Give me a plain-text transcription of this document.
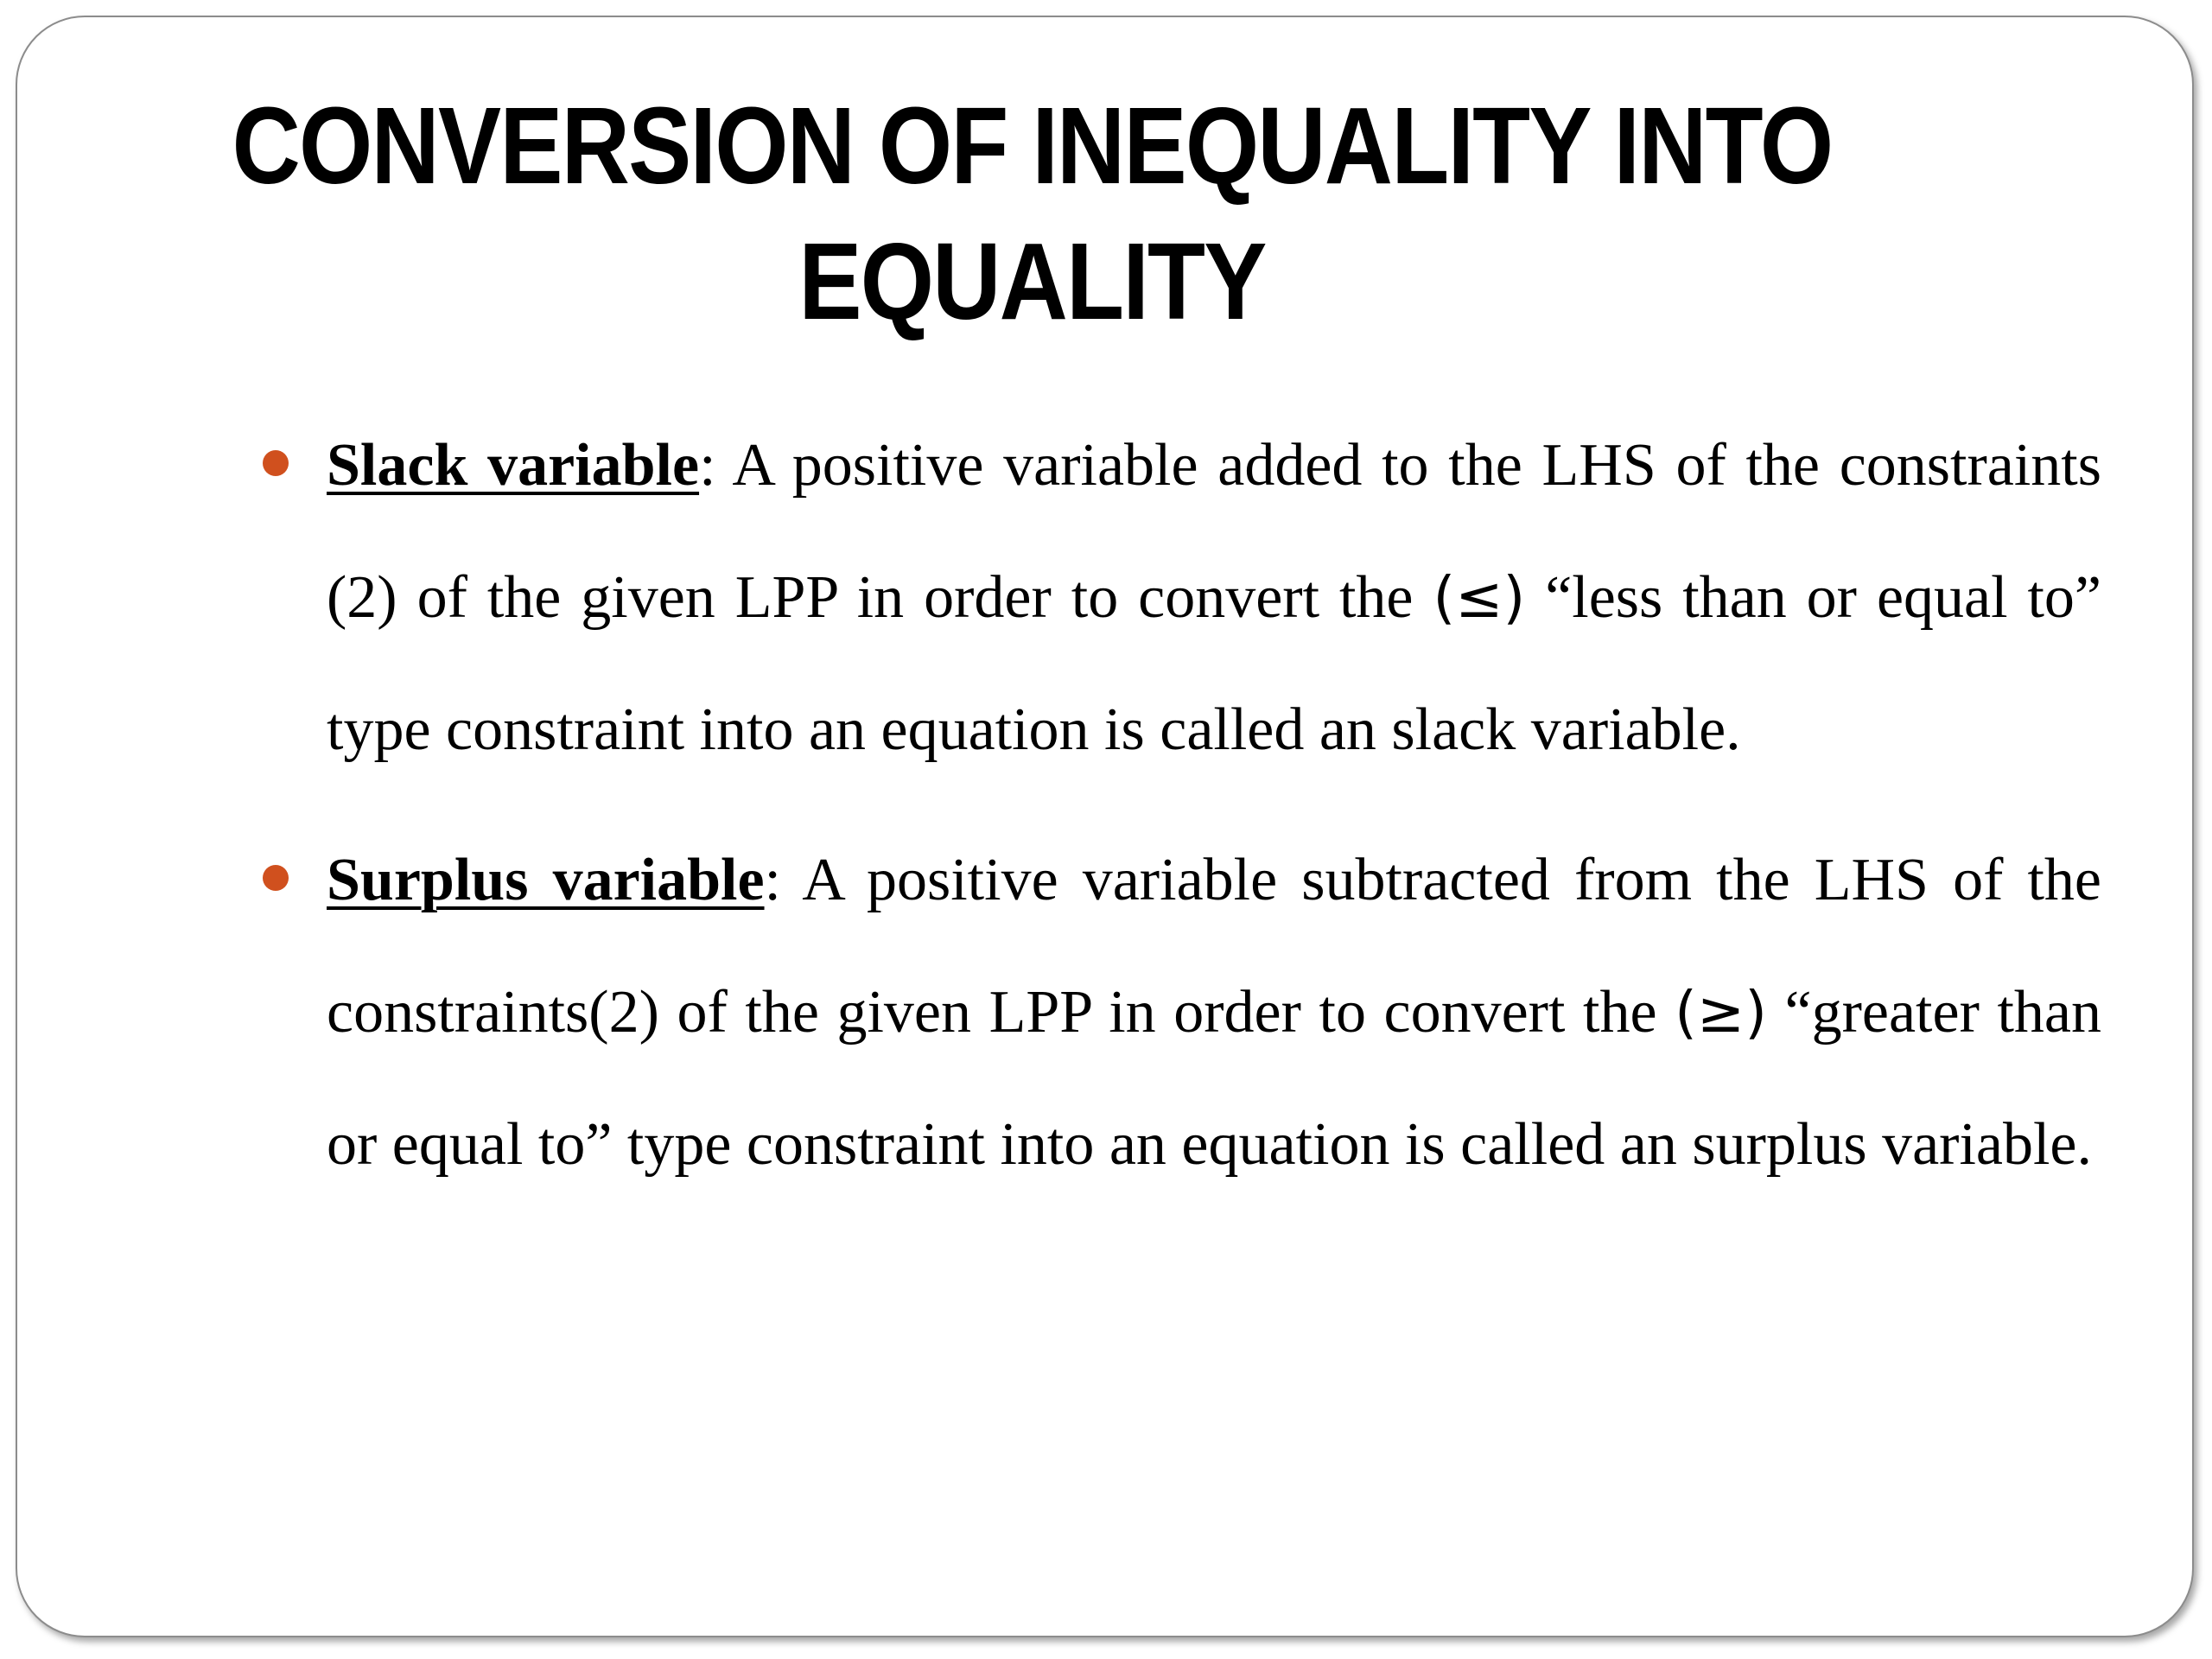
CONVERSION OF INEQUALITY INTO
EQUALITY

Slack variable: A positive variable added to the LHS of the constraints (2) of the given LPP in order to convert the (≤) “less than or equal to” type constraint into an equation is called an slack variable.

Surplus variable: A positive variable subtracted from the LHS of the constraints(2) of the given LPP in order to convert the (≥) “greater than or equal to” type constraint into an equation is called an surplus variable.
